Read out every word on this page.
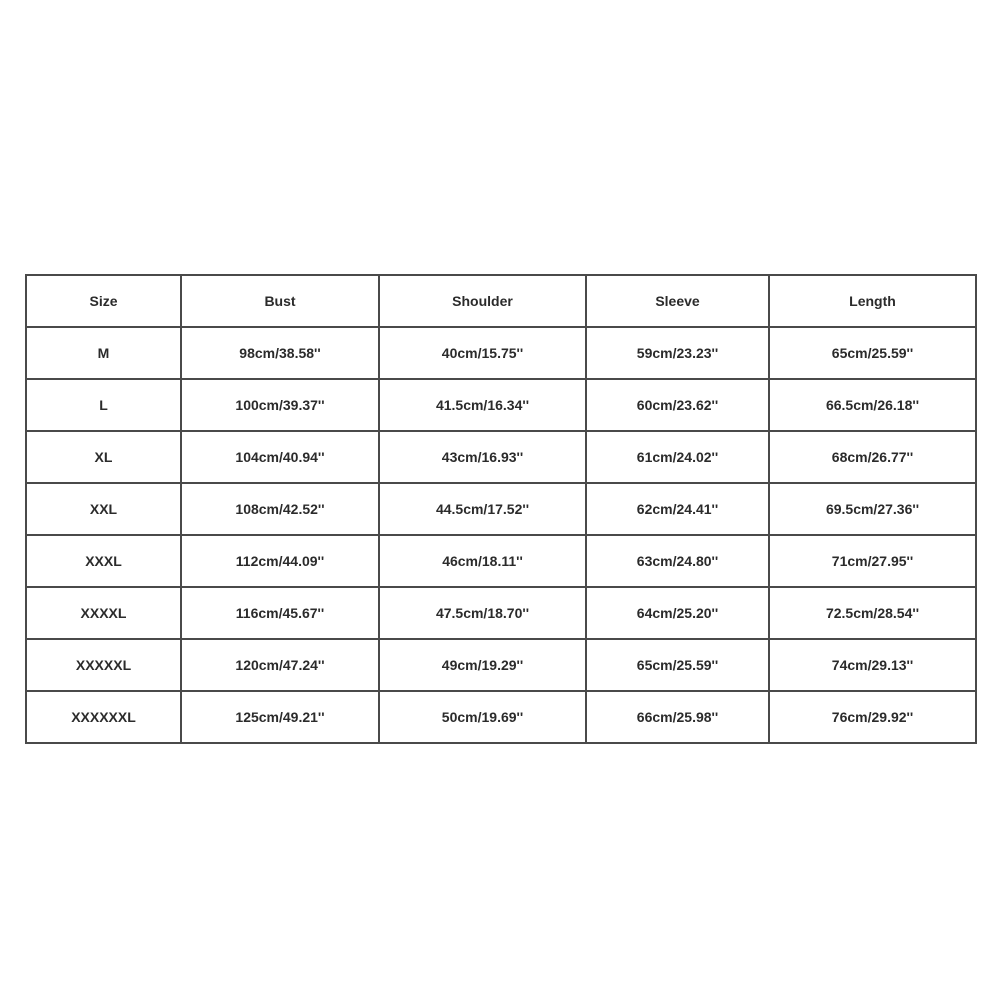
Size	Bust	Shoulder	Sleeve	Length
M	98cm/38.58''	40cm/15.75''	59cm/23.23''	65cm/25.59''
L	100cm/39.37''	41.5cm/16.34''	60cm/23.62''	66.5cm/26.18''
XL	104cm/40.94''	43cm/16.93''	61cm/24.02''	68cm/26.77''
XXL	108cm/42.52''	44.5cm/17.52''	62cm/24.41''	69.5cm/27.36''
XXXL	112cm/44.09''	46cm/18.11''	63cm/24.80''	71cm/27.95''
XXXXL	116cm/45.67''	47.5cm/18.70''	64cm/25.20''	72.5cm/28.54''
XXXXXL	120cm/47.24''	49cm/19.29''	65cm/25.59''	74cm/29.13''
XXXXXXL	125cm/49.21''	50cm/19.69''	66cm/25.98''	76cm/29.92''
